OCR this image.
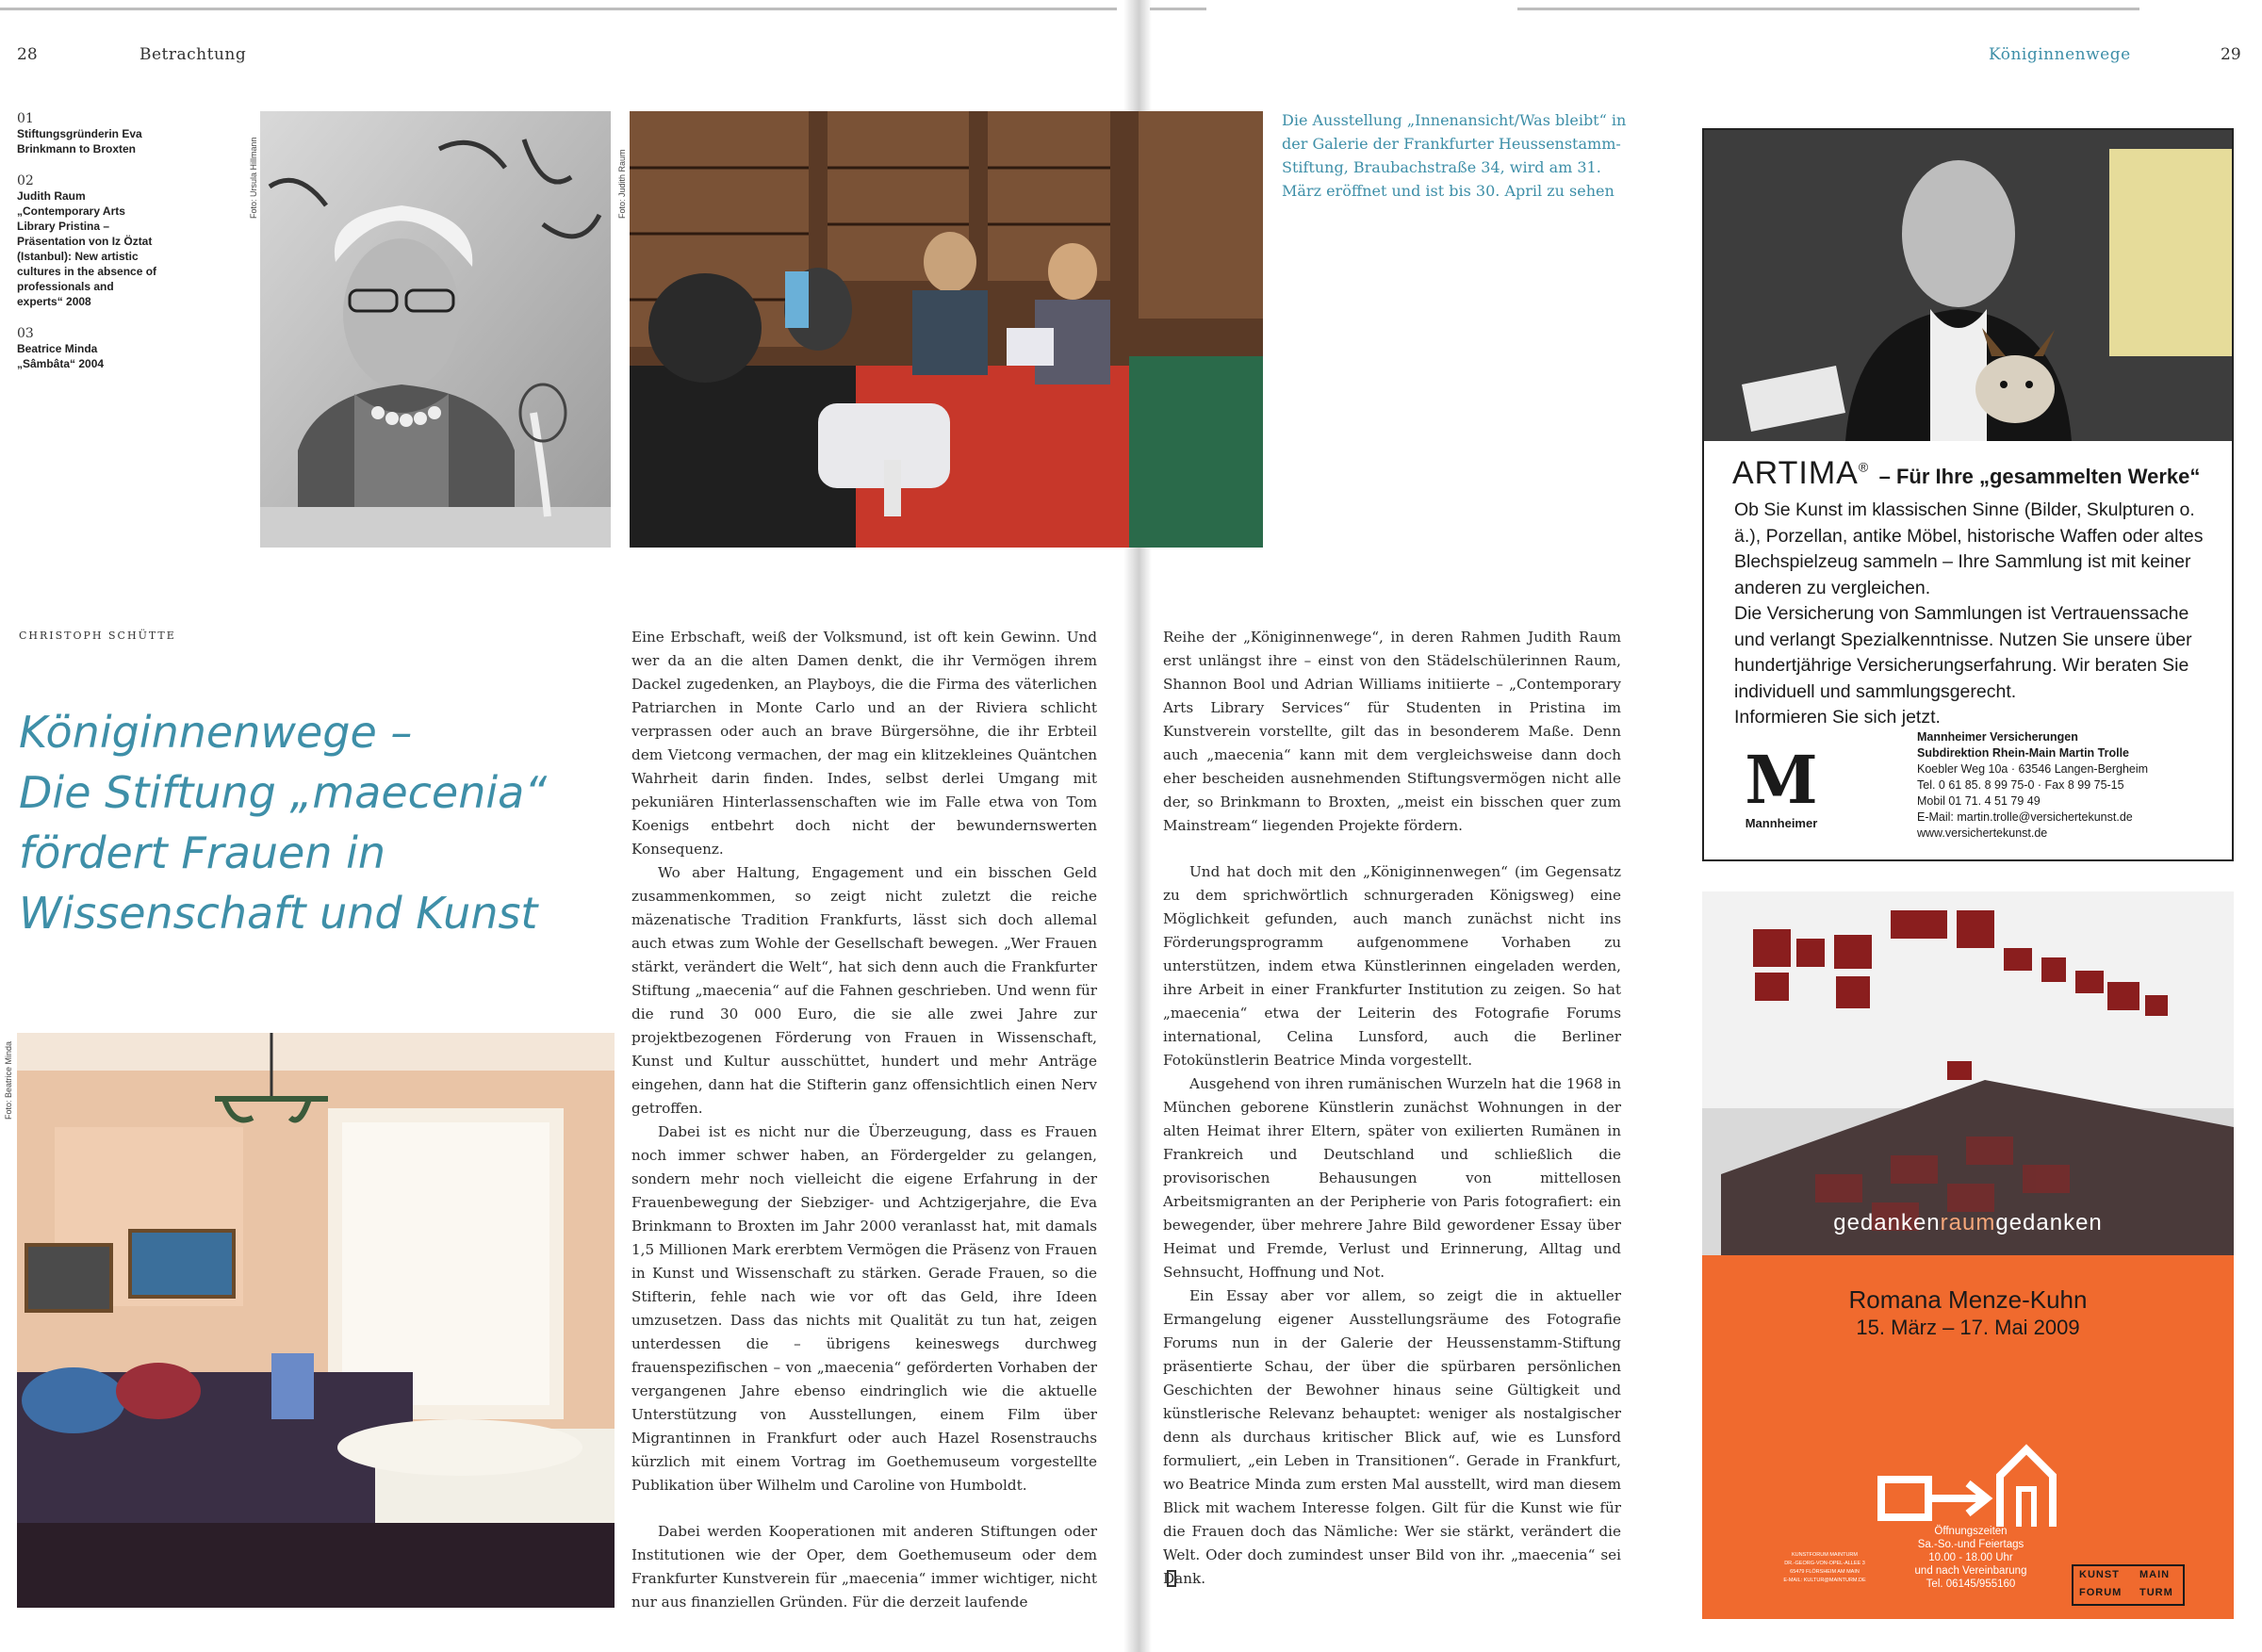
28	Betrachtung
01
Stiftungsgründerin Eva Brinkmann to Broxten
02
Judith Raum „Contemporary Arts Library Pristina – Präsentation von Iz Öztat (Istanbul): New artistic cultures in the absence of professionals and experts“ 2008
03
Beatrice Minda „Sâmbâta“ 2004
Foto: Ursula Hillmann	Foto: Judith Raum
CHRISTOPH SCHÜTTE
Königinnenwege –
Die Stiftung „maecenia“
fördert Frauen in
Wissenschaft und Kunst
Foto: Beatrice Minda

Eine Erbschaft, weiß der Volksmund, ist oft kein Gewinn. Und wer da an die alten Damen denkt, die ihr Vermögen ihrem Dackel zugedenken, an Playboys, die die Firma des väterlichen Patriarchen in Monte Carlo und an der Riviera schlicht verprassen oder auch an brave Bürgersöhne, die ihr Erbteil dem Vietcong vermachen, der mag ein klitzekleines Quäntchen Wahrheit darin finden. Indes, selbst derlei Umgang mit pekuniären Hinterlassenschaften wie im Falle etwa von Tom Koenigs entbehrt doch nicht der bewundernswerten Konsequenz.

Wo aber Haltung, Engagement und ein bisschen Geld zusammenkommen, so zeigt nicht zuletzt die reiche mäzenatische Tradition Frankfurts, lässt sich doch allemal auch etwas zum Wohle der Gesellschaft bewegen. „Wer Frauen stärkt, verändert die Welt“, hat sich denn auch die Frankfurter Stiftung „maecenia“ auf die Fahnen geschrieben. Und wenn für die rund 30 000 Euro, die sie alle zwei Jahre zur projektbezogenen Förderung von Frauen in Wissenschaft, Kunst und Kultur ausschüttet, hundert und mehr Anträge eingehen, dann hat die Stifterin ganz offensichtlich einen Nerv getroffen.

Dabei ist es nicht nur die Überzeugung, dass es Frauen noch immer schwer haben, an Fördergelder zu gelangen, sondern mehr noch vielleicht die eigene Erfahrung in der Frauenbewegung der Siebziger- und Achtzigerjahre, die Eva Brinkmann to Broxten im Jahr 2000 veranlasst hat, mit damals 1,5 Millionen Mark ererbtem Vermögen die Präsenz von Frauen in Kunst und Wissenschaft zu stärken. Gerade Frauen, so die Stifterin, fehle nach wie vor oft das Geld, ihre Ideen umzusetzen. Dass das nichts mit Qualität zu tun hat, zeigen unterdessen die – übrigens keineswegs durchweg frauenspezifischen – von „maecenia“ geförderten Vorhaben der vergangenen Jahre ebenso eindringlich wie die aktuelle Unterstützung von Ausstellungen, einem Film über Migrantinnen in Frankfurt oder auch Hazel Rosenstrauchs kürzlich mit einem Vortrag im Goethemuseum vorgestellte Publikation über Wilhelm und Caroline von Humboldt.

Dabei werden Kooperationen mit anderen Stiftungen oder Institutionen wie der Oper, dem Goethemuseum oder dem Frankfurter Kunstverein für „maecenia“ immer wichtiger, nicht nur aus finanziellen Gründen. Für die derzeit laufende

Königinnenwege	29
Die Ausstellung „Innenansicht/Was bleibt“ in der Galerie der Frankfurter Heussenstamm-Stiftung, Braubachstraße 34, wird am 31. März eröffnet und ist bis 30. April zu sehen

Reihe der „Königinnenwege“, in deren Rahmen Judith Raum erst unlängst ihre – einst von den Städelschülerinnen Raum, Shannon Bool und Adrian Williams initiierte – „Contemporary Arts Library Services“ für Studenten in Pristina im Kunstverein vorstellte, gilt das in besonderem Maße. Denn auch „maecenia“ kann mit dem vergleichsweise dann doch eher bescheiden ausnehmenden Stiftungsvermögen nicht alle der, so Brinkmann to Broxten, „meist ein bisschen quer zum Mainstream“ liegenden Projekte fördern.

Und hat doch mit den „Königinnenwegen“ (im Gegensatz zu dem sprichwörtlich schnurgeraden Königsweg) eine Möglichkeit gefunden, auch manch zunächst nicht ins Förderungsprogramm aufgenommene Vorhaben zu unterstützen, indem etwa Künstlerinnen eingeladen werden, ihre Arbeit in einer Frankfurter Institution zu zeigen. So hat „maecenia“ etwa der Leiterin des Fotografie Forums international, Celina Lunsford, auch die Berliner Fotokünstlerin Beatrice Minda vorgestellt.

Ausgehend von ihren rumänischen Wurzeln hat die 1968 in München geborene Künstlerin zunächst Wohnungen in der alten Heimat ihrer Eltern, später von exilierten Rumänen in Frankreich und Deutschland und schließlich die provisorischen Behausungen von mittellosen Arbeitsmigranten an der Peripherie von Paris fotografiert: ein bewegender, über mehrere Jahre Bild gewordener Essay über Heimat und Fremde, Verlust und Erinnerung, Alltag und Sehnsucht, Hoffnung und Not.

Ein Essay aber vor allem, so zeigt die in aktueller Ermangelung eigener Ausstellungsräume des Fotografie Forums nun in der Galerie der Heussenstamm-Stiftung präsentierte Schau, der über die spürbaren persönlichen Geschichten der Bewohner hinaus seine Gültigkeit und künstlerische Relevanz behauptet: weniger als nostalgischer denn als durchaus kritischer Blick auf, wie es Lunsford formuliert, „ein Leben in Transitionen“. Gerade in Frankfurt, wo Beatrice Minda zum ersten Mal ausstellt, wird man diesem Blick mit wachem Interesse folgen. Gilt für die Kunst wie für die Frauen doch das Nämliche: Wer sie stärkt, verändert die Welt. Oder doch zumindest unser Bild von ihr. „maecenia“ sei Dank.

ARTIMA® – Für Ihre „gesammelten Werke“
Ob Sie Kunst im klassischen Sinne (Bilder, Skulpturen o. ä.), Porzellan, antike Möbel, historische Waffen oder altes Blechspielzeug sammeln – Ihre Sammlung ist mit keiner anderen zu vergleichen.
Die Versicherung von Sammlungen ist Vertrauenssache und verlangt Spezialkenntnisse. Nutzen Sie unsere über hundertjährige Versicherungserfahrung. Wir beraten Sie individuell und sammlungsgerecht.
Informieren Sie sich jetzt.
M
Mannheimer
Mannheimer Versicherungen
Subdirektion Rhein-Main Martin Trolle
Koebler Weg 10a · 63546 Langen-Bergheim
Tel. 0 61 85. 8 99 75-0 · Fax 8 99 75-15
Mobil 01 71. 4 51 79 49
E-Mail: martin.trolle@versichertekunst.de
www.versichertekunst.de
gedankenraumgedanken
Romana Menze-Kuhn
15. März – 17. Mai 2009
Öffnungszeiten
Sa.-So.-und Feiertags
10.00 - 18.00 Uhr
und nach Vereinbarung
Tel. 06145/955160
KUNSTFORUM MAINTURM
DR.-GEORG-VON-OPEL-ALLEE 3
65479 FLÖRSHEIM AM MAIN
E-MAIL: KULTUR@MAINTURM.DE	KUNST MAIN
FORUM TURM
